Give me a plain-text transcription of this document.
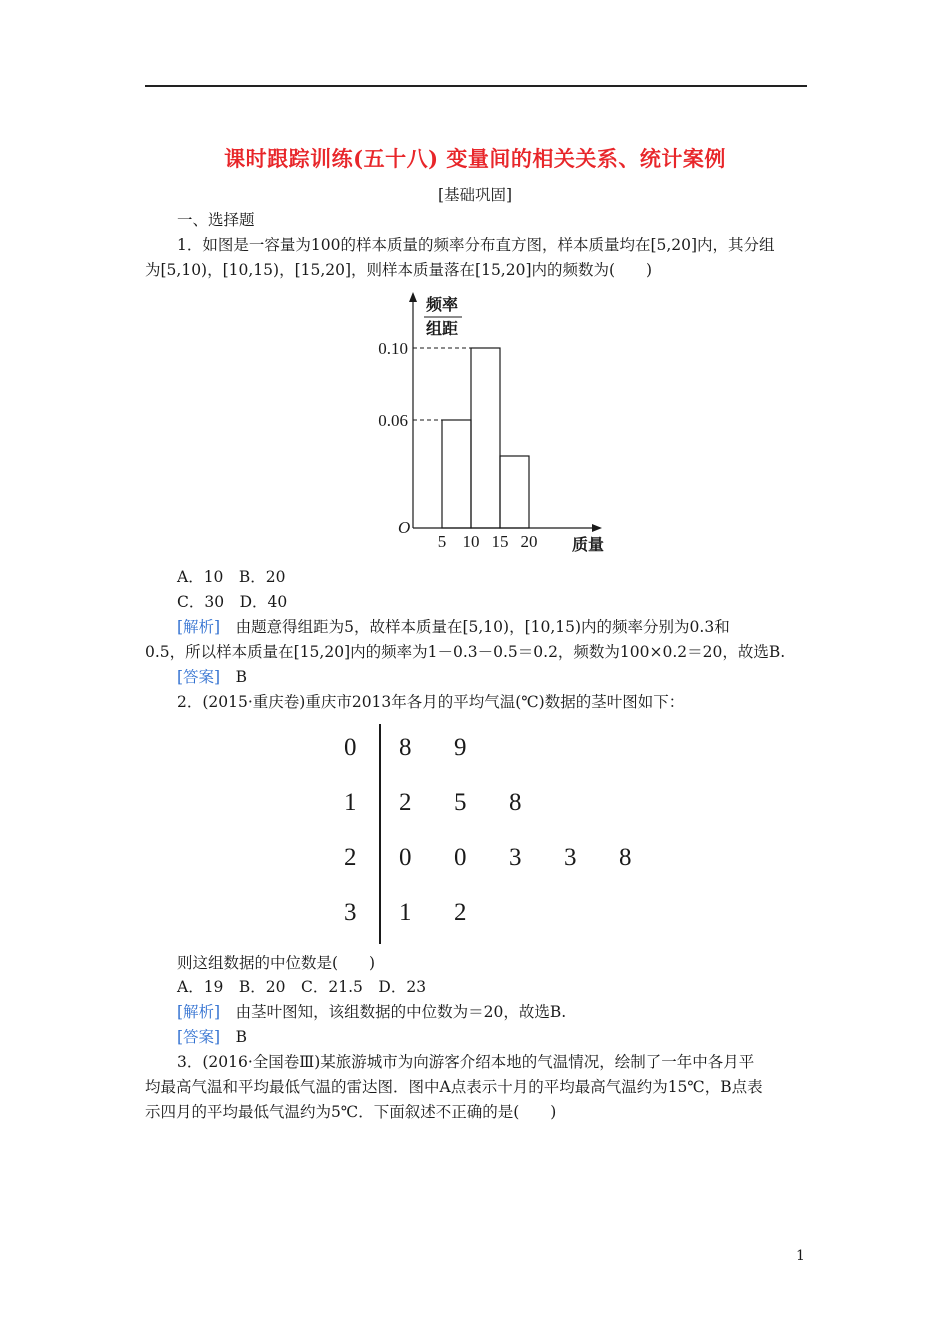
课时跟踪训练(五十八) 变量间的相关关系、统计案例
[基础巩固]
一、选择题
1．如图是一容量为100的样本质量的频率分布直方图，样本质量均在[5,20]内，其分组
为[5,10)，[10,15)，[15,20]，则样本质量落在[15,20]内的频数为(　　)
O
频率
组距
0.10
0.06
5 10 15 20 质量
A．10　B．20
C．30　D．40
[解析]　由题意得组距为5，故样本质量在[5,10)，[10,15)内的频率分别为0.3和
0.5，所以样本质量在[15,20]内的频率为1－0.3－0.5＝0.2，频数为100×0.2＝20，故选B.
[答案]　B
2．(2015·重庆卷)重庆市2013年各月的平均气温(℃)数据的茎叶图如下：
0 8 9
1 2 5 8
2 0 0 3 3 8
3 1 2
则这组数据的中位数是(　　)
A．19　B．20　C．21.5　D．23
[解析]　由茎叶图知，该组数据的中位数为＝20，故选B.
[答案]　B
3．(2016·全国卷Ⅲ)某旅游城市为向游客介绍本地的气温情况，绘制了一年中各月平
均最高气温和平均最低气温的雷达图．图中A点表示十月的平均最高气温约为15℃，B点表
示四月的平均最低气温约为5℃．下面叙述不正确的是(　　)
1
